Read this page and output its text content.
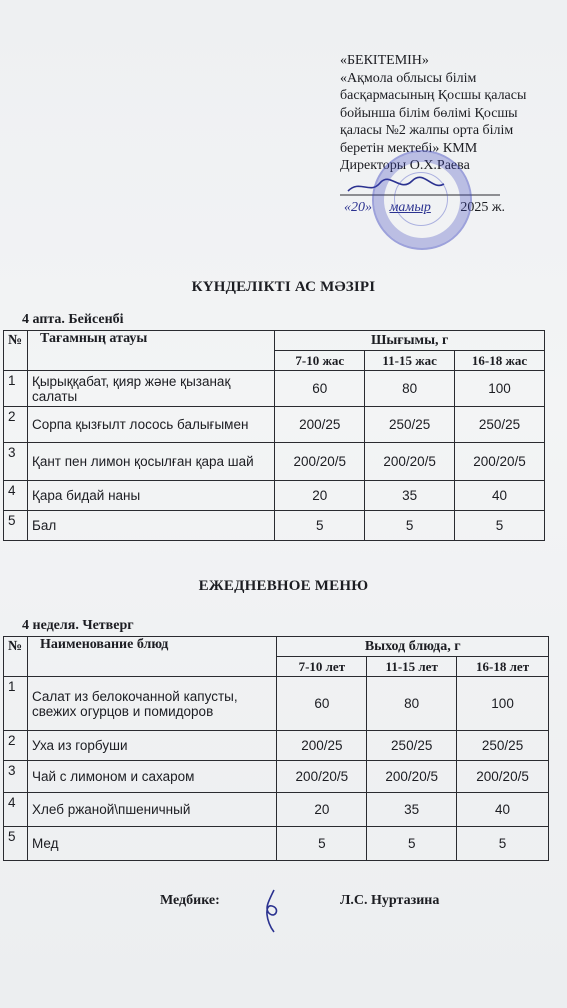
«БЕКІТЕМІН»
«Ақмола облысы білім
басқармасының Қосшы қаласы
бойынша білім бөлімі Қосшы
қаласы №2 жалпы орта білім
беретін мектебі» КММ
Директоры О.Х.Раева
«20» мамыр 2025 ж.
КҮНДЕЛІКТІ АС МӘЗІРІ
4 апта. Бейсенбі
№	Тағамның атауы	Шығымы, г		
		7-10 жас	11-15 жас	16-18 жас
1	Қырыққабат, қияр және қызанақ салаты	60	80	100
2	Сорпа қызғылт лосось балығымен	200/25	250/25	250/25
3	Қант пен лимон қосылған қара шай	200/20/5	200/20/5	200/20/5
4	Қара бидай наны	20	35	40
5	Бал	5	5	5
ЕЖЕДНЕВНОЕ МЕНЮ
4 неделя. Четверг
№	Наименование блюд	Выход блюда, г		
		7-10 лет	11-15 лет	16-18 лет
1	Салат из белокочанной капусты, свежих огурцов и помидоров	60	80	100
2	Уха из горбуши	200/25	250/25	250/25
3	Чай с лимоном и сахаром	200/20/5	200/20/5	200/20/5
4	Хлеб ржаной\пшеничный	20	35	40
5	Мед	5	5	5
Медбике:	Л.С. Нуртазина
